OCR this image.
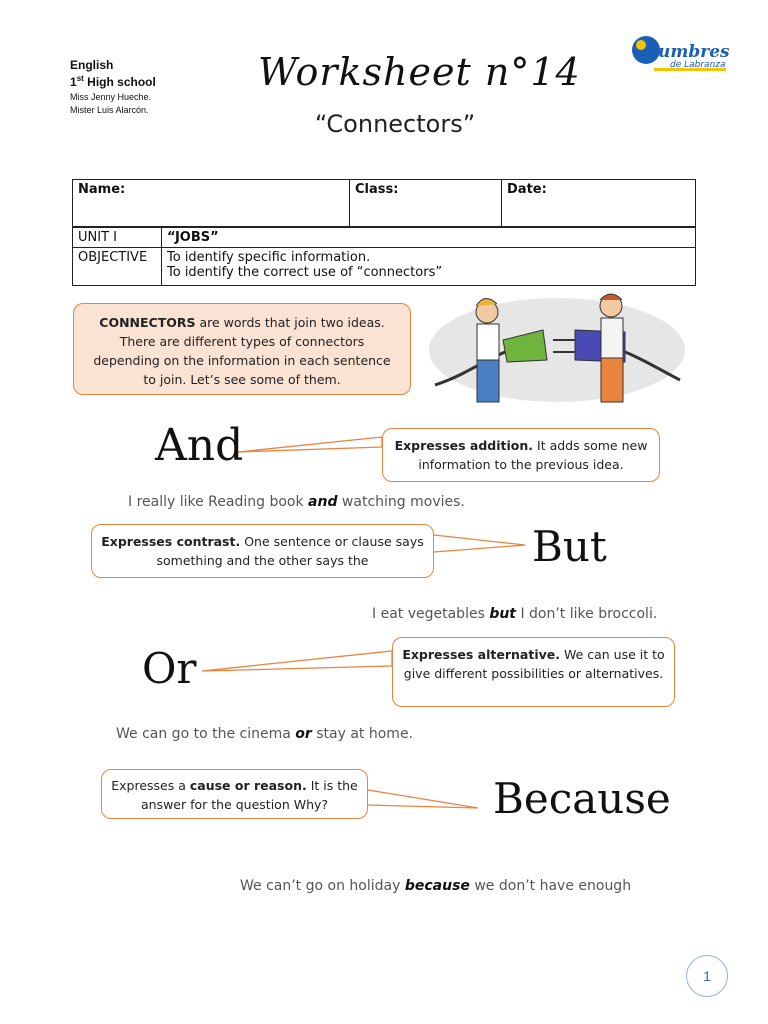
English
1st High school
Miss Jenny Hueche.
Mister Luis Alarcón.
Worksheet n°14
“Connectors”
umbres
de Labranza
Name:	Class:	Date:
UNIT I	“JOBS”
OBJECTIVE	To identify specific information.
To identify the correct use of “connectors”
CONNECTORS are words that join two ideas. There are different types of connectors depending on the information in each sentence to join. Let’s see some of them.
And	Expresses addition. It adds some new information to the previous idea.
I really like Reading book and watching movies.
Expresses contrast. One sentence or clause says something and the other says the	But
I eat vegetables but I don’t like broccoli.
Or	Expresses alternative. We can use it to give different possibilities or alternatives.
We can go to the cinema or stay at home.
Expresses a cause or reason. It is the answer for the question Why?	Because
We can’t go on holiday because we don’t have enough
1
